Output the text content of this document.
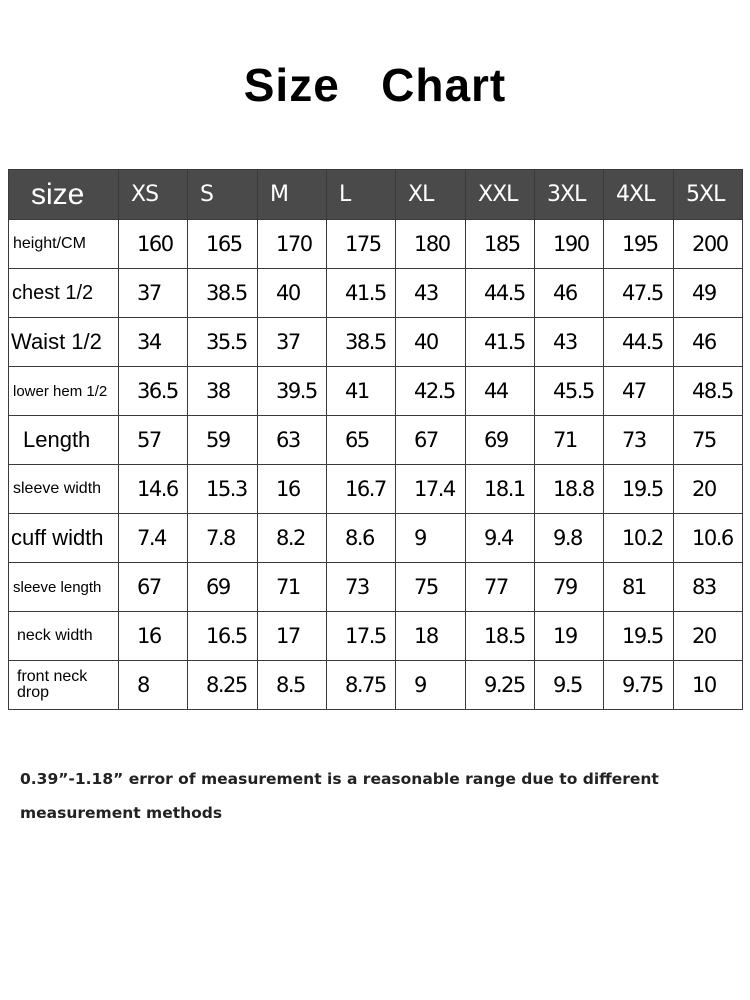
Size   Chart
size	XS	S	M	L	XL	XXL	3XL	4XL	5XL
height/CM	160	165	170	175	180	185	190	195	200
chest 1/2	37	38.5	40	41.5	43	44.5	46	47.5	49
Waist 1/2	34	35.5	37	38.5	40	41.5	43	44.5	46
lower hem 1/2	36.5	38	39.5	41	42.5	44	45.5	47	48.5
Length	57	59	63	65	67	69	71	73	75
sleeve width	14.6	15.3	16	16.7	17.4	18.1	18.8	19.5	20
cuff width	7.4	7.8	8.2	8.6	9	9.4	9.8	10.2	10.6
sleeve length	67	69	71	73	75	77	79	81	83
neck width	16	16.5	17	17.5	18	18.5	19	19.5	20
front neck drop	8	8.25	8.5	8.75	9	9.25	9.5	9.75	10

0.39”-1.18” error of measurement is a reasonable range due to different measurement methods
